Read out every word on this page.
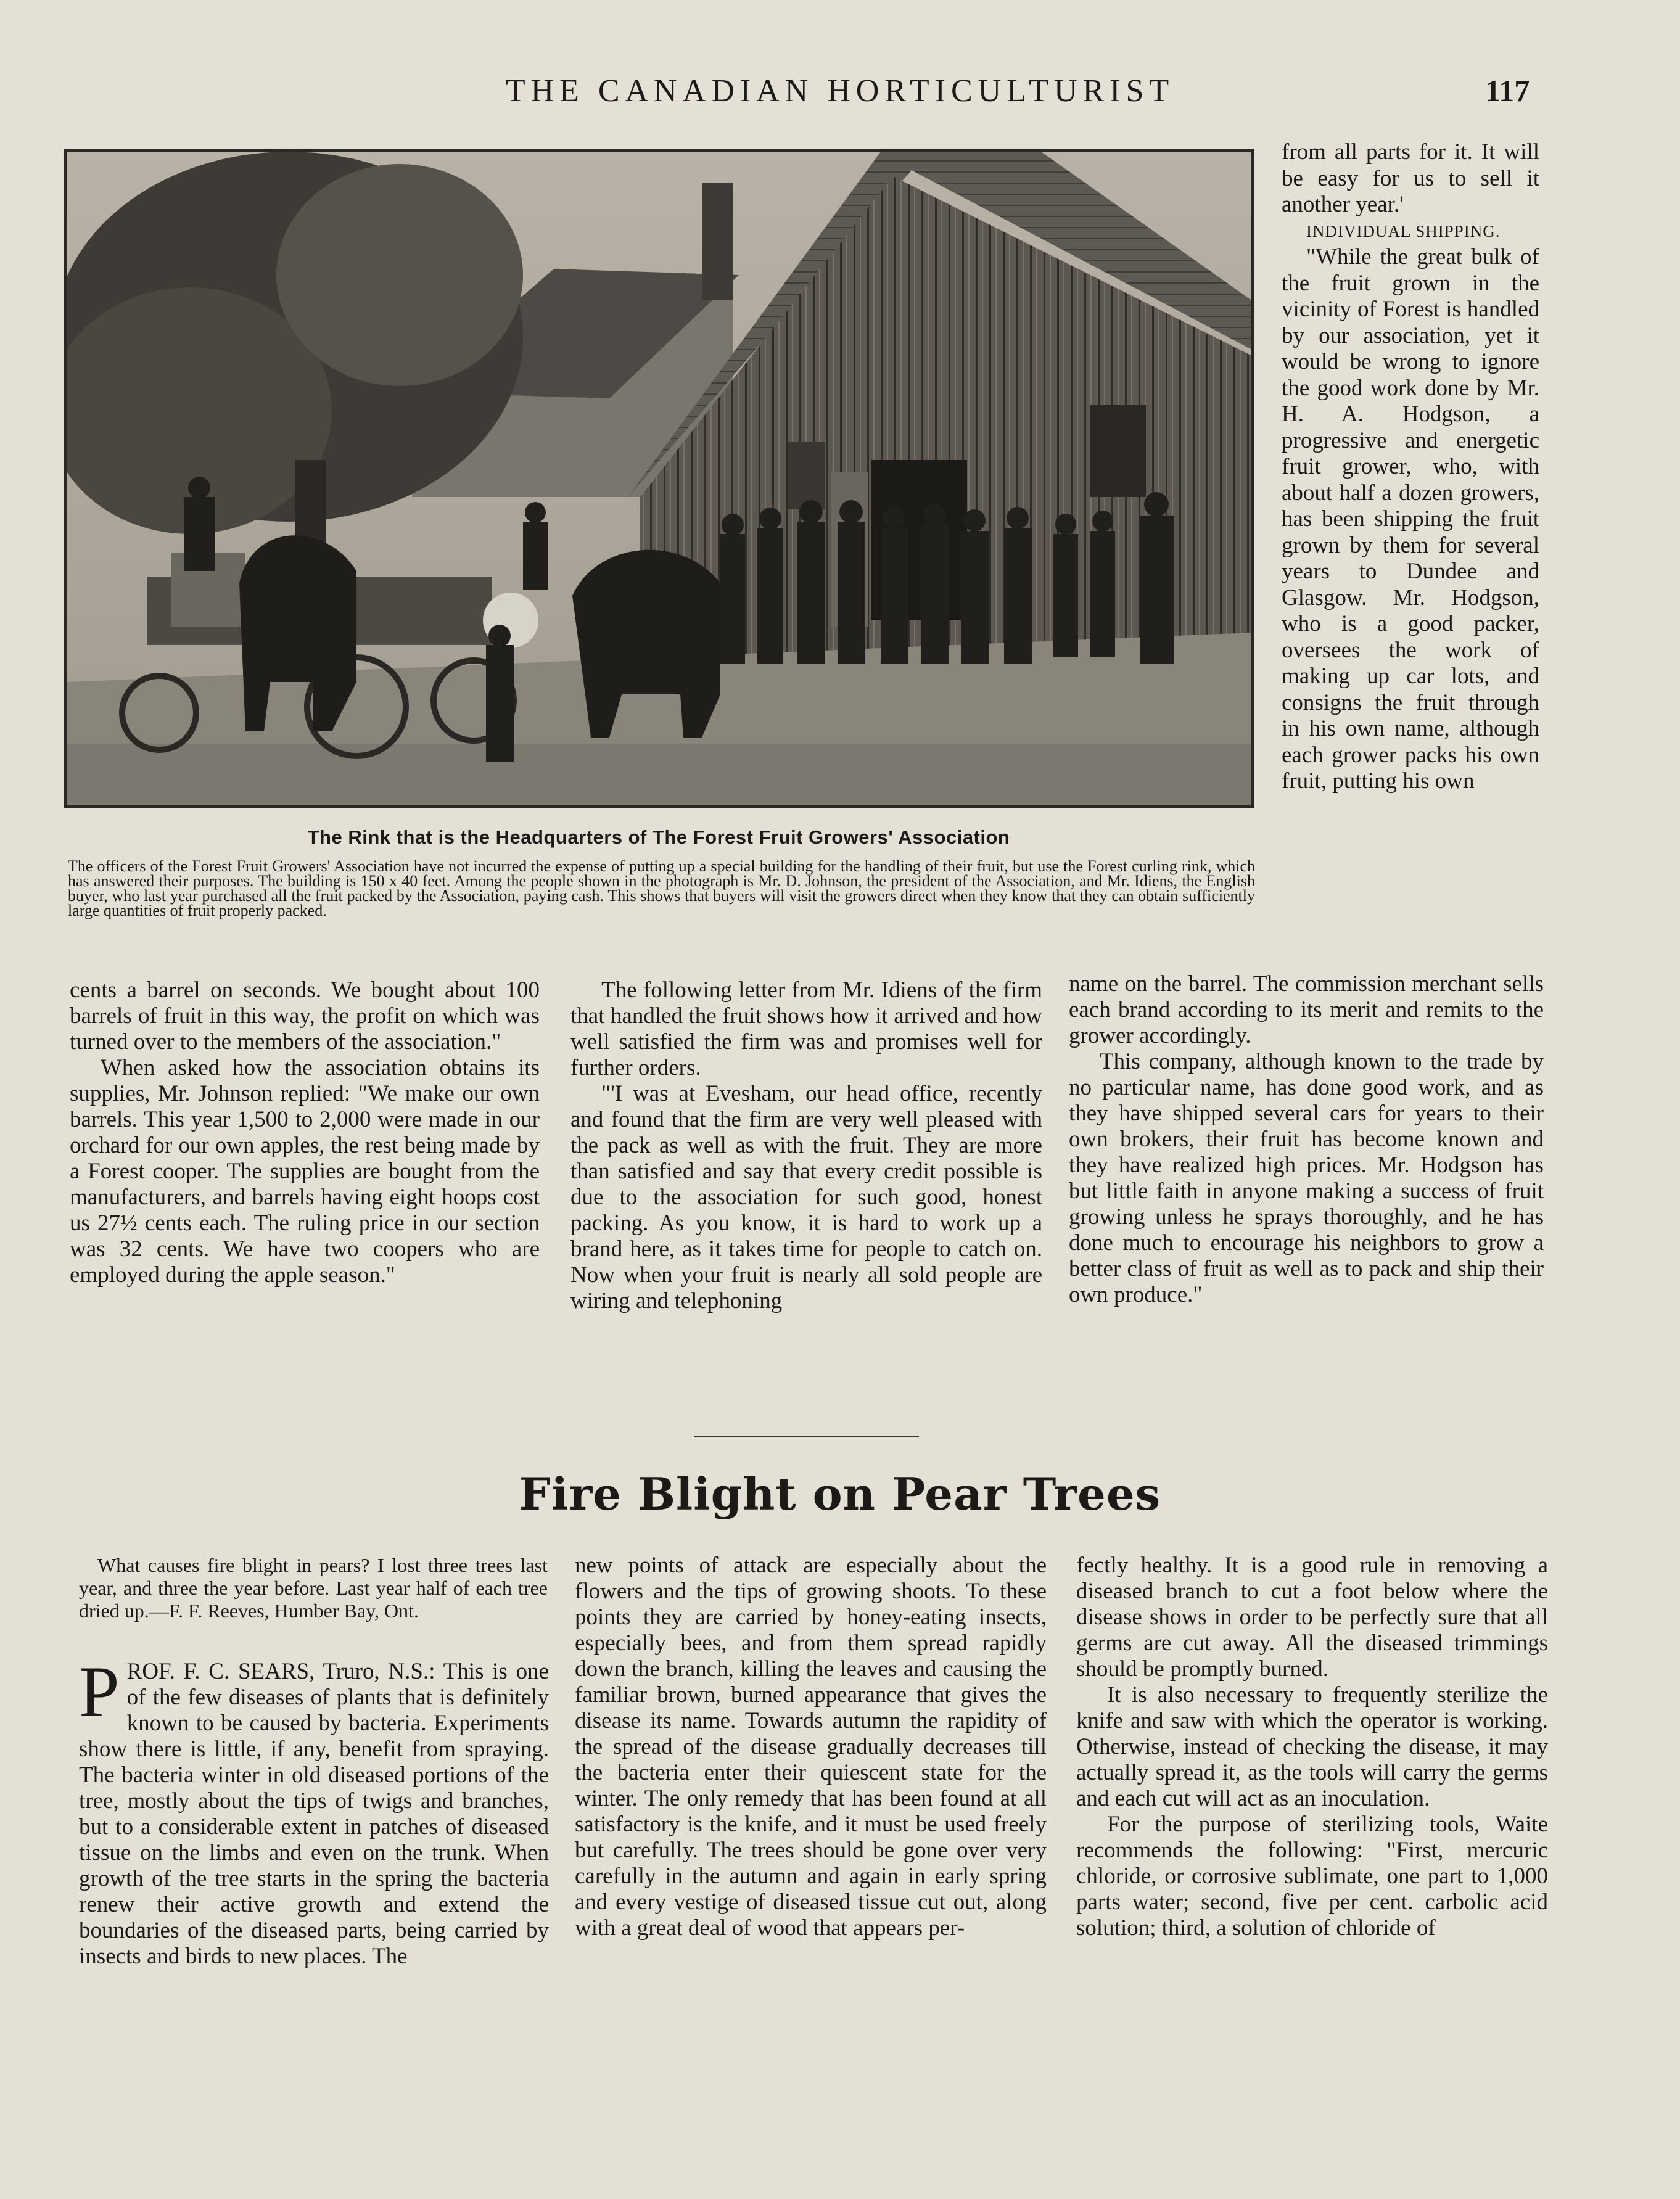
THE CANADIAN HORTICULTURIST	117
The Rink that is the Headquarters of The Forest Fruit Growers' Association
The officers of the Forest Fruit Growers' Association have not incurred the expense of putting up a special building for the handling of their fruit, but use the Forest curling rink, which has answered their purposes. The building is 150 x 40 feet. Among the people shown in the photograph is Mr. D. Johnson, the president of the Association, and Mr. Idiens, the English buyer, who last year purchased all the fruit packed by the Association, paying cash. This shows that buyers will visit the growers direct when they know that they can obtain sufficiently large quantities of fruit properly packed.

from all parts for it. It will be easy for us to sell it another year.'

INDIVIDUAL SHIPPING.

"While the great bulk of the fruit grown in the vicinity of Forest is handled by our association, yet it would be wrong to ignore the good work done by Mr. H. A. Hodgson, a progressive and energetic fruit grower, who, with about half a dozen growers, has been shipping the fruit grown by them for several years to Dundee and Glasgow. Mr. Hodgson, who is a good packer, oversees the work of making up car lots, and consigns the fruit through in his own name, although each grower packs his own fruit, putting his own

cents a barrel on seconds. We bought about 100 barrels of fruit in this way, the profit on which was turned over to the members of the association."

When asked how the association obtains its supplies, Mr. Johnson replied: "We make our own barrels. This year 1,500 to 2,000 were made in our orchard for our own apples, the rest being made by a Forest cooper. The supplies are bought from the manufacturers, and barrels having eight hoops cost us 27½ cents each. The ruling price in our section was 32 cents. We have two coopers who are employed during the apple season."

The following letter from Mr. Idiens of the firm that handled the fruit shows how it arrived and how well satisfied the firm was and promises well for further orders.

"'I was at Evesham, our head office, recently and found that the firm are very well pleased with the pack as well as with the fruit. They are more than satisfied and say that every credit possible is due to the association for such good, honest packing. As you know, it is hard to work up a brand here, as it takes time for people to catch on. Now when your fruit is nearly all sold people are wiring and telephoning

name on the barrel. The commission merchant sells each brand according to its merit and remits to the grower accordingly.

This company, although known to the trade by no particular name, has done good work, and as they have shipped several cars for years to their own brokers, their fruit has become known and they have realized high prices. Mr. Hodgson has but little faith in anyone making a success of fruit growing unless he sprays thoroughly, and he has done much to encourage his neighbors to grow a better class of fruit as well as to pack and ship their own produce."

Fire Blight on Pear Trees

What causes fire blight in pears? I lost three trees last year, and three the year before. Last year half of each tree dried up.—F. F. Reeves, Humber Bay, Ont.

P ROF. F. C. SEARS, Truro, N.S.: This is one of the few diseases of plants that is definitely known to be caused by bacteria. Experiments show there is little, if any, benefit from spraying. The bacteria winter in old diseased portions of the tree, mostly about the tips of twigs and branches, but to a considerable extent in patches of diseased tissue on the limbs and even on the trunk. When growth of the tree starts in the spring the bacteria renew their active growth and extend the boundaries of the diseased parts, being carried by insects and birds to new places. The

new points of attack are especially about the flowers and the tips of growing shoots. To these points they are carried by honey-eating insects, especially bees, and from them spread rapidly down the branch, killing the leaves and causing the familiar brown, burned appearance that gives the disease its name. Towards autumn the rapidity of the spread of the disease gradually decreases till the bacteria enter their quiescent state for the winter. The only remedy that has been found at all satisfactory is the knife, and it must be used freely but carefully. The trees should be gone over very carefully in the autumn and again in early spring and every vestige of diseased tissue cut out, along with a great deal of wood that appears per-

fectly healthy. It is a good rule in removing a diseased branch to cut a foot below where the disease shows in order to be perfectly sure that all germs are cut away. All the diseased trimmings should be promptly burned.

It is also necessary to frequently sterilize the knife and saw with which the operator is working. Otherwise, instead of checking the disease, it may actually spread it, as the tools will carry the germs and each cut will act as an inoculation.

For the purpose of sterilizing tools, Waite recommends the following: "First, mercuric chloride, or corrosive sublimate, one part to 1,000 parts water; second, five per cent. carbolic acid solution; third, a solution of chloride of
